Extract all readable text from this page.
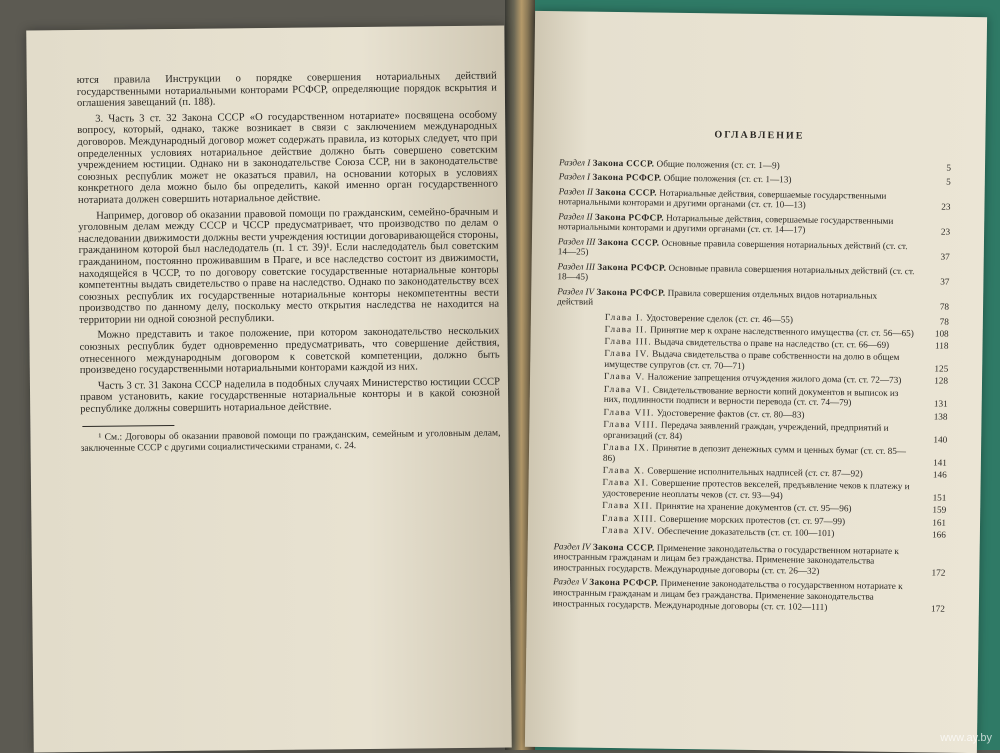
ются правила Инструкции о порядке совершения нотариальных действий государственными нотариальными конторами РСФСР, определяющие порядок вскрытия и оглашения завещаний (п. 188).

3. Часть 3 ст. 32 Закона СССР «О государственном нотариате» посвящена особому вопросу, который, однако, также возникает в связи с заключением международных договоров. Международный договор может содержать правила, из которых следует, что при определенных условиях нотариальное действие должно быть совершено советским учреждением юстиции. Однако ни в законодательстве Союза ССР, ни в законодательстве союзных республик может не оказаться правил, на основании которых в условиях конкретного дела можно было бы определить, какой именно орган государственного нотариата должен совершить нотариальное действие.

Например, договор об оказании правовой помощи по гражданским, семейно-брачным и уголовным делам между СССР и ЧССР предусматривает, что производство по делам о наследовании движимости должны вести учреждения юстиции договаривающейся стороны, гражданином которой был наследодатель (п. 1 ст. 39)¹. Если наследодатель был советским гражданином, постоянно проживавшим в Праге, и все наследство состоит из движимости, находящейся в ЧССР, то по договору советские государственные нотариальные конторы компетентны выдать свидетельство о праве на наследство. Однако по законодательству всех союзных республик их государственные нотариальные конторы некомпетентны вести производство по данному делу, поскольку место открытия наследства не находится на территории ни одной союзной республики.

Можно представить и такое положение, при котором законодательство нескольких союзных республик будет одновременно предусматривать, что совершение действия, отнесенного международным договором к советской компетенции, должно быть произведено государственными нотариальными конторами каждой из них.

Часть 3 ст. 31 Закона СССР наделила в подобных случаях Министерство юстиции СССР правом установить, какие государственные нотариальные конторы и в какой союзной республике должны совершить нотариальное действие.

¹ См.: Договоры об оказании правовой помощи по гражданским, семейным и уголовным делам, заключенные СССР с другими социалистическими странами, с. 24.
ОГЛАВЛЕНИЕ
Раздел I Закона СССР. Общие положения (ст. ст. 1—9)	5
Раздел I Закона РСФСР. Общие положения (ст. ст. 1—13)	5
Раздел II Закона СССР. Нотариальные действия, совершаемые государственными нотариальными конторами и другими органами (ст. ст. 10—13)	23
Раздел II Закона РСФСР. Нотариальные действия, совершаемые государственными нотариальными конторами и другими органами (ст. ст. 14—17)	23
Раздел III Закона СССР. Основные правила совершения нотариальных действий (ст. ст. 14—25)	37
Раздел III Закона РСФСР. Основные правила совершения нотариальных действий (ст. ст. 18—45)	37
Раздел IV Закона РСФСР. Правила совершения отдельных видов нотариальных действий	78
Глава I. Удостоверение сделок (ст. ст. 46—55)	78
Глава II. Принятие мер к охране наследственного имущества (ст. ст. 56—65) 108
Глава III. Выдача свидетельства о праве на наследство (ст. ст. 66—69)	118
Глава IV. Выдача свидетельства о праве собственности на долю в общем имуществе супругов (ст. ст. 70—71)	125
Глава V. Наложение запрещения отчуждения жилого дома (ст. ст. 72—73)	128
Глава VI. Свидетельствование верности копий документов и выписок из них, подлинности подписи и верности перевода (ст. ст. 74—79)	131
Глава VII. Удостоверение фактов (ст. ст. 80—83)	138
Глава VIII. Передача заявлений граждан, учреждений, предприятий и организаций (ст. 84)	140
Глава IX. Принятие в депозит денежных сумм и ценных бумаг (ст. ст. 85—86)	141
Глава X. Совершение исполнительных надписей (ст. ст. 87—92)	146
Глава XI. Совершение протестов векселей, предъявление чеков к платежу и удостоверение неоплаты чеков (ст. ст. 93—94)	151
Глава XII. Принятие на хранение документов (ст. ст. 95—96)	159
Глава XIII. Совершение морских протестов (ст. ст. 97—99)	161
Глава XIV. Обеспечение доказательств (ст. ст. 100—101)	166
Раздел IV Закона СССР. Применение законодательства о государственном нотариате к иностранным гражданам и лицам без гражданства. Применение законодательства иностранных государств. Международные договоры (ст. ст. 26—32)	172
Раздел V Закона РСФСР. Применение законодательства о государственном нотариате к иностранным гражданам и лицам без гражданства. Применение законодательства иностранных государств. Международные договоры (ст. ст. 102—111)	172
www.ay.by
